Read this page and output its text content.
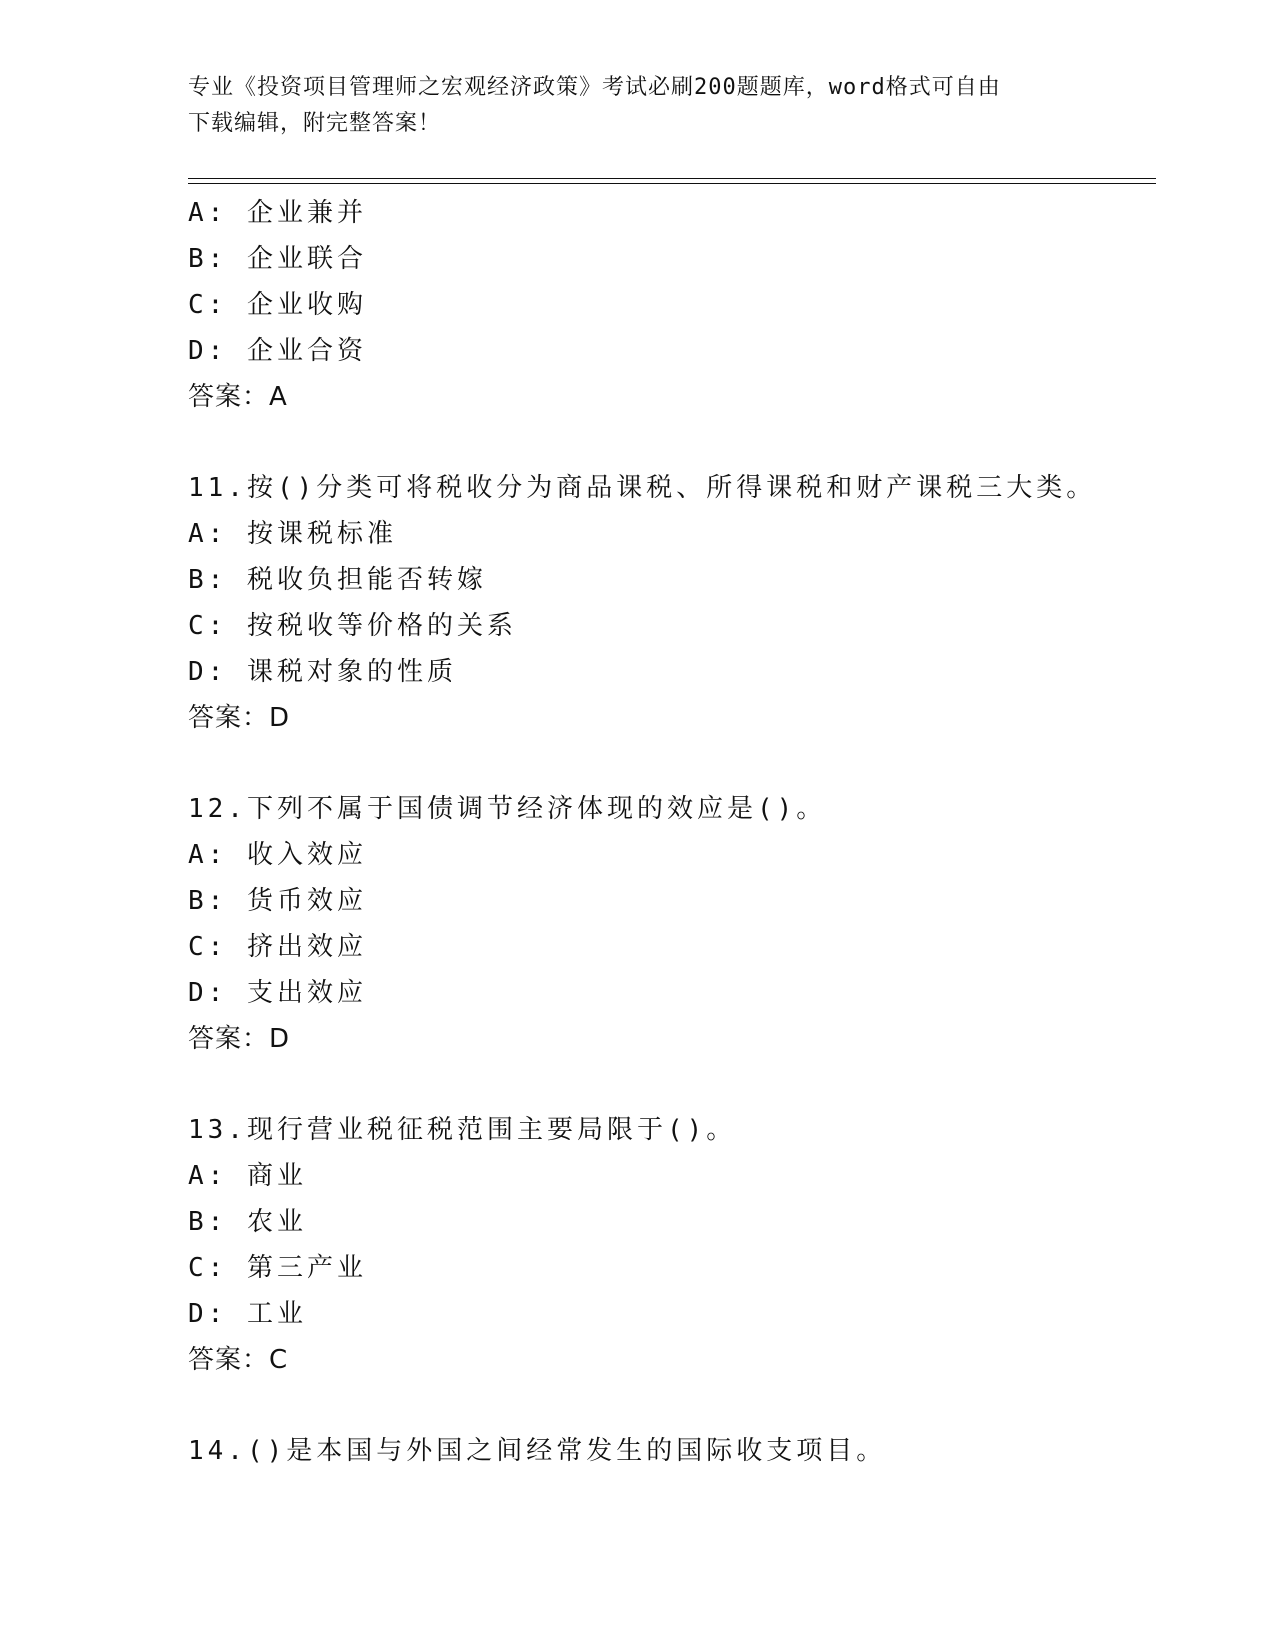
专业《投资项目管理师之宏观经济政策》考试必刷200题题库，word格式可自由
下载编辑，附完整答案！
A: 企业兼并
B: 企业联合
C: 企业收购
D: 企业合资
答案：A
11.按()分类可将税收分为商品课税、所得课税和财产课税三大类。
A: 按课税标准
B: 税收负担能否转嫁
C: 按税收等价格的关系
D: 课税对象的性质
答案：D
12.下列不属于国债调节经济体现的效应是()。
A: 收入效应
B: 货币效应
C: 挤出效应
D: 支出效应
答案：D
13.现行营业税征税范围主要局限于()。
A: 商业
B: 农业
C: 第三产业
D: 工业
答案：C
14.()是本国与外国之间经常发生的国际收支项目。
